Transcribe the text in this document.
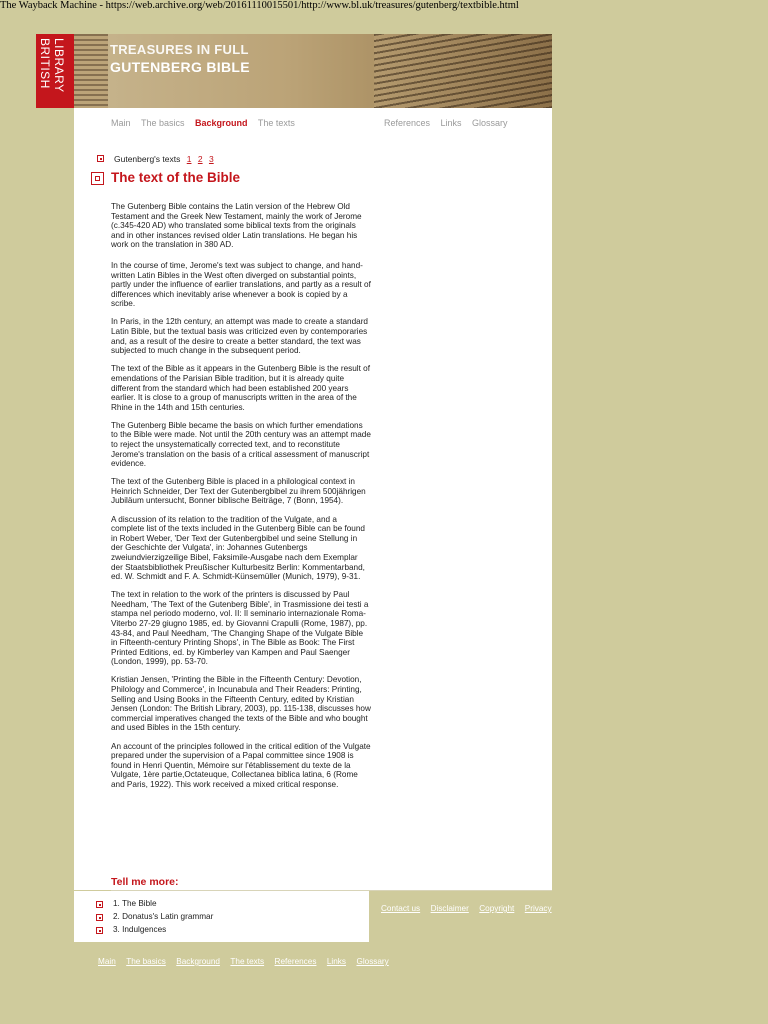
The Wayback Machine - https://web.archive.org/web/20161110015501/http://www.bl.uk/treasures/gutenberg/textbible.html
BRITISH LIBRARY	TREASURES IN FULL
GUTENBERG BIBLE
Main The basics Background The texts	References Links Glossary
Gutenberg's texts 1 2 3
The text of the Bible

The Gutenberg Bible contains the Latin version of the Hebrew Old Testament and the Greek New Testament, mainly the work of Jerome (c.345-420 AD) who translated some biblical texts from the originals and in other instances revised older Latin translations. He began his work on the translation in 380 AD.

In the course of time, Jerome's text was subject to change, and hand-written Latin Bibles in the West often diverged on substantial points, partly under the influence of earlier translations, and partly as a result of differences which inevitably arise whenever a book is copied by a scribe.

In Paris, in the 12th century, an attempt was made to create a standard Latin Bible, but the textual basis was criticized even by contemporaries and, as a result of the desire to create a better standard, the text was subjected to much change in the subsequent period.

The text of the Bible as it appears in the Gutenberg Bible is the result of emendations of the Parisian Bible tradition, but it is already quite different from the standard which had been established 200 years earlier. It is close to a group of manuscripts written in the area of the Rhine in the 14th and 15th centuries.

The Gutenberg Bible became the basis on which further emendations to the Bible were made. Not until the 20th century was an attempt made to reject the unsystematically corrected text, and to reconstitute Jerome's translation on the basis of a critical assessment of manuscript evidence.

The text of the Gutenberg Bible is placed in a philological context in Heinrich Schneider, Der Text der Gutenbergbibel zu ihrem 500jährigen Jubiläum untersucht, Bonner biblische Beiträge, 7 (Bonn, 1954).

A discussion of its relation to the tradition of the Vulgate, and a complete list of the texts included in the Gutenberg Bible can be found in Robert Weber, 'Der Text der Gutenbergbibel und seine Stellung in der Geschichte der Vulgata', in: Johannes Gutenbergs zweiundvierzigzeilige Bibel, Faksimile-Ausgabe nach dem Exemplar der Staatsbibliothek Preußischer Kulturbesitz Berlin: Kommentarband, ed. W. Schmidt and F. A. Schmidt-Künsemüller (Munich, 1979), 9-31.

The text in relation to the work of the printers is discussed by Paul Needham, 'The Text of the Gutenberg Bible', in Trasmissione dei testi a stampa nel periodo moderno, vol. II: Il seminario internazionale Roma-Viterbo 27-29 giugno 1985, ed. by Giovanni Crapulli (Rome, 1987), pp. 43-84, and Paul Needham, 'The Changing Shape of the Vulgate Bible in Fifteenth-century Printing Shops', in The Bible as Book: The First Printed Editions, ed. by Kimberley van Kampen and Paul Saenger (London, 1999), pp. 53-70.

Kristian Jensen, 'Printing the Bible in the Fifteenth Century: Devotion, Philology and Commerce', in Incunabula and Their Readers: Printing, Selling and Using Books in the Fifteenth Century, edited by Kristian Jensen (London: The British Library, 2003), pp. 115-138, discusses how commercial imperatives changed the texts of the Bible and who bought and used Bibles in the 15th century.

An account of the principles followed in the critical edition of the Vulgate prepared under the supervision of a Papal committee since 1908 is found in Henri Quentin, Mémoire sur l'établissement du texte de la Vulgate, 1ère partie,Octateuque, Collectanea biblica latina, 6 (Rome and Paris, 1922). This work received a mixed critical response.

Tell me more:
1. The Bible
2. Donatus's Latin grammar
3. Indulgences
Contact us Disclaimer Copyright Privacy
Main The basics Background The texts References Links Glossary
